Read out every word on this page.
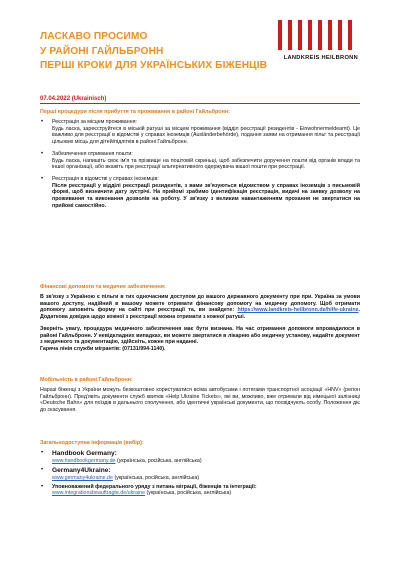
ЛАСКАВО ПРОСИМО
У РАЙОНІ ГАЙЛЬБРОНН
ПЕРШІ КРОКИ ДЛЯ УКРАЇНСЬКИХ БІЖЕНЦІВ
LANDKREIS HEILBRONN
07.04.2022 (Ukrainisch)
Перші процедури після прибуття та проживання в районі Гайльбронн:
• Реєстрація за місцем проживання:
Будь ласка, зареєструйтеся в міській ратуші за місцем проживання (відділ реєстрації резидентів - Einwohnermeldeamt). Це важливо для реєстрації в відомстві у справах іноземців (Ausländerbehörde), подання заяви на отримання пільг та реєстрації цільових місць для дітей/підлітків в районі Гайльбронн.
• Забезпечення отримання пошти:
Будь ласка, напишіть своє ім'я та прізвище на поштовій скриньці, щоб забезпечити доручення пошти від органів влади та іншої організації, або вкажіть при реєстрації альтернативного одержувача вашої пошти при реєстрації.
• Реєстрація в відомстві у справах іноземців:
Після реєстрації у відділі реєстрації резидентів, з вами зв'язуються відомством у справах іноземців з письмовій формі, щоб визначити дату зустрічі. На прийомі зрабимо ідентифікація реєстрація, видачі на заявку дозволу на проживання та виконання дозволів на роботу. У зв'язку з великим навантаженням прохання не звертатися на прийомі самостійно.
Фінансові допомоги та медичне забезпечення:
В зв'язку з Україною є пільги в тих одночасним доступом до вашого державного документу при при. Україна за умови вашого доступу, надійний в вашому можете отримати фінансову допомогу на медичну допомогу. Щоб отримати допомогу заповніть форму на сайті при реєстрації та, ви знайдете: https://www.landkreis-heilbronn.de/hilfe-ukraine. Додаткова довідка щодо кожної з реєстрації можна отримати з кожної ратуші.
Зверніть увагу, процедура медичного забезпечення має бути визнана. На час отримання допомоги впровадилося в районі Гайльбронн. У невідкладних випадках, ви можете звертатися в лікарню або медичну установу, надайте документ з медичного та документацію, здійсніть, кожне при наданні.
Гаряча лінія служби мігрантів: (07131/994-1140).
Мобільність в районі Гайльбронн:
Наразі біженці з України можуть безкоштовно користуватися всіма автобусами і потягами транспортної асоціації «HNV» (регіон Гайльбронн). Пред'явіть документи служб квитків «Help Ukraine Tickets», які ви, можливо, вже отримали від німецької залізниці «Deutsche Bahn» для поїздів в дальнього сполучення, або ідентичні українські документи, що посвідчують особу. Положення діє до скасування.
Загальнодоступна інформація (вибір):
• Handbook Germany:
www.handbookgermany.de (українська, російська, англійська)
• Germany4Ukraine:
www.germany4ukraine.de (українська, російська, англійська)
• Уповноважений федерального уряду з питань міграції, біженців та інтеграції:
www.integrationsbeauftragte.de/ukraine (українська, російська, англійська)
